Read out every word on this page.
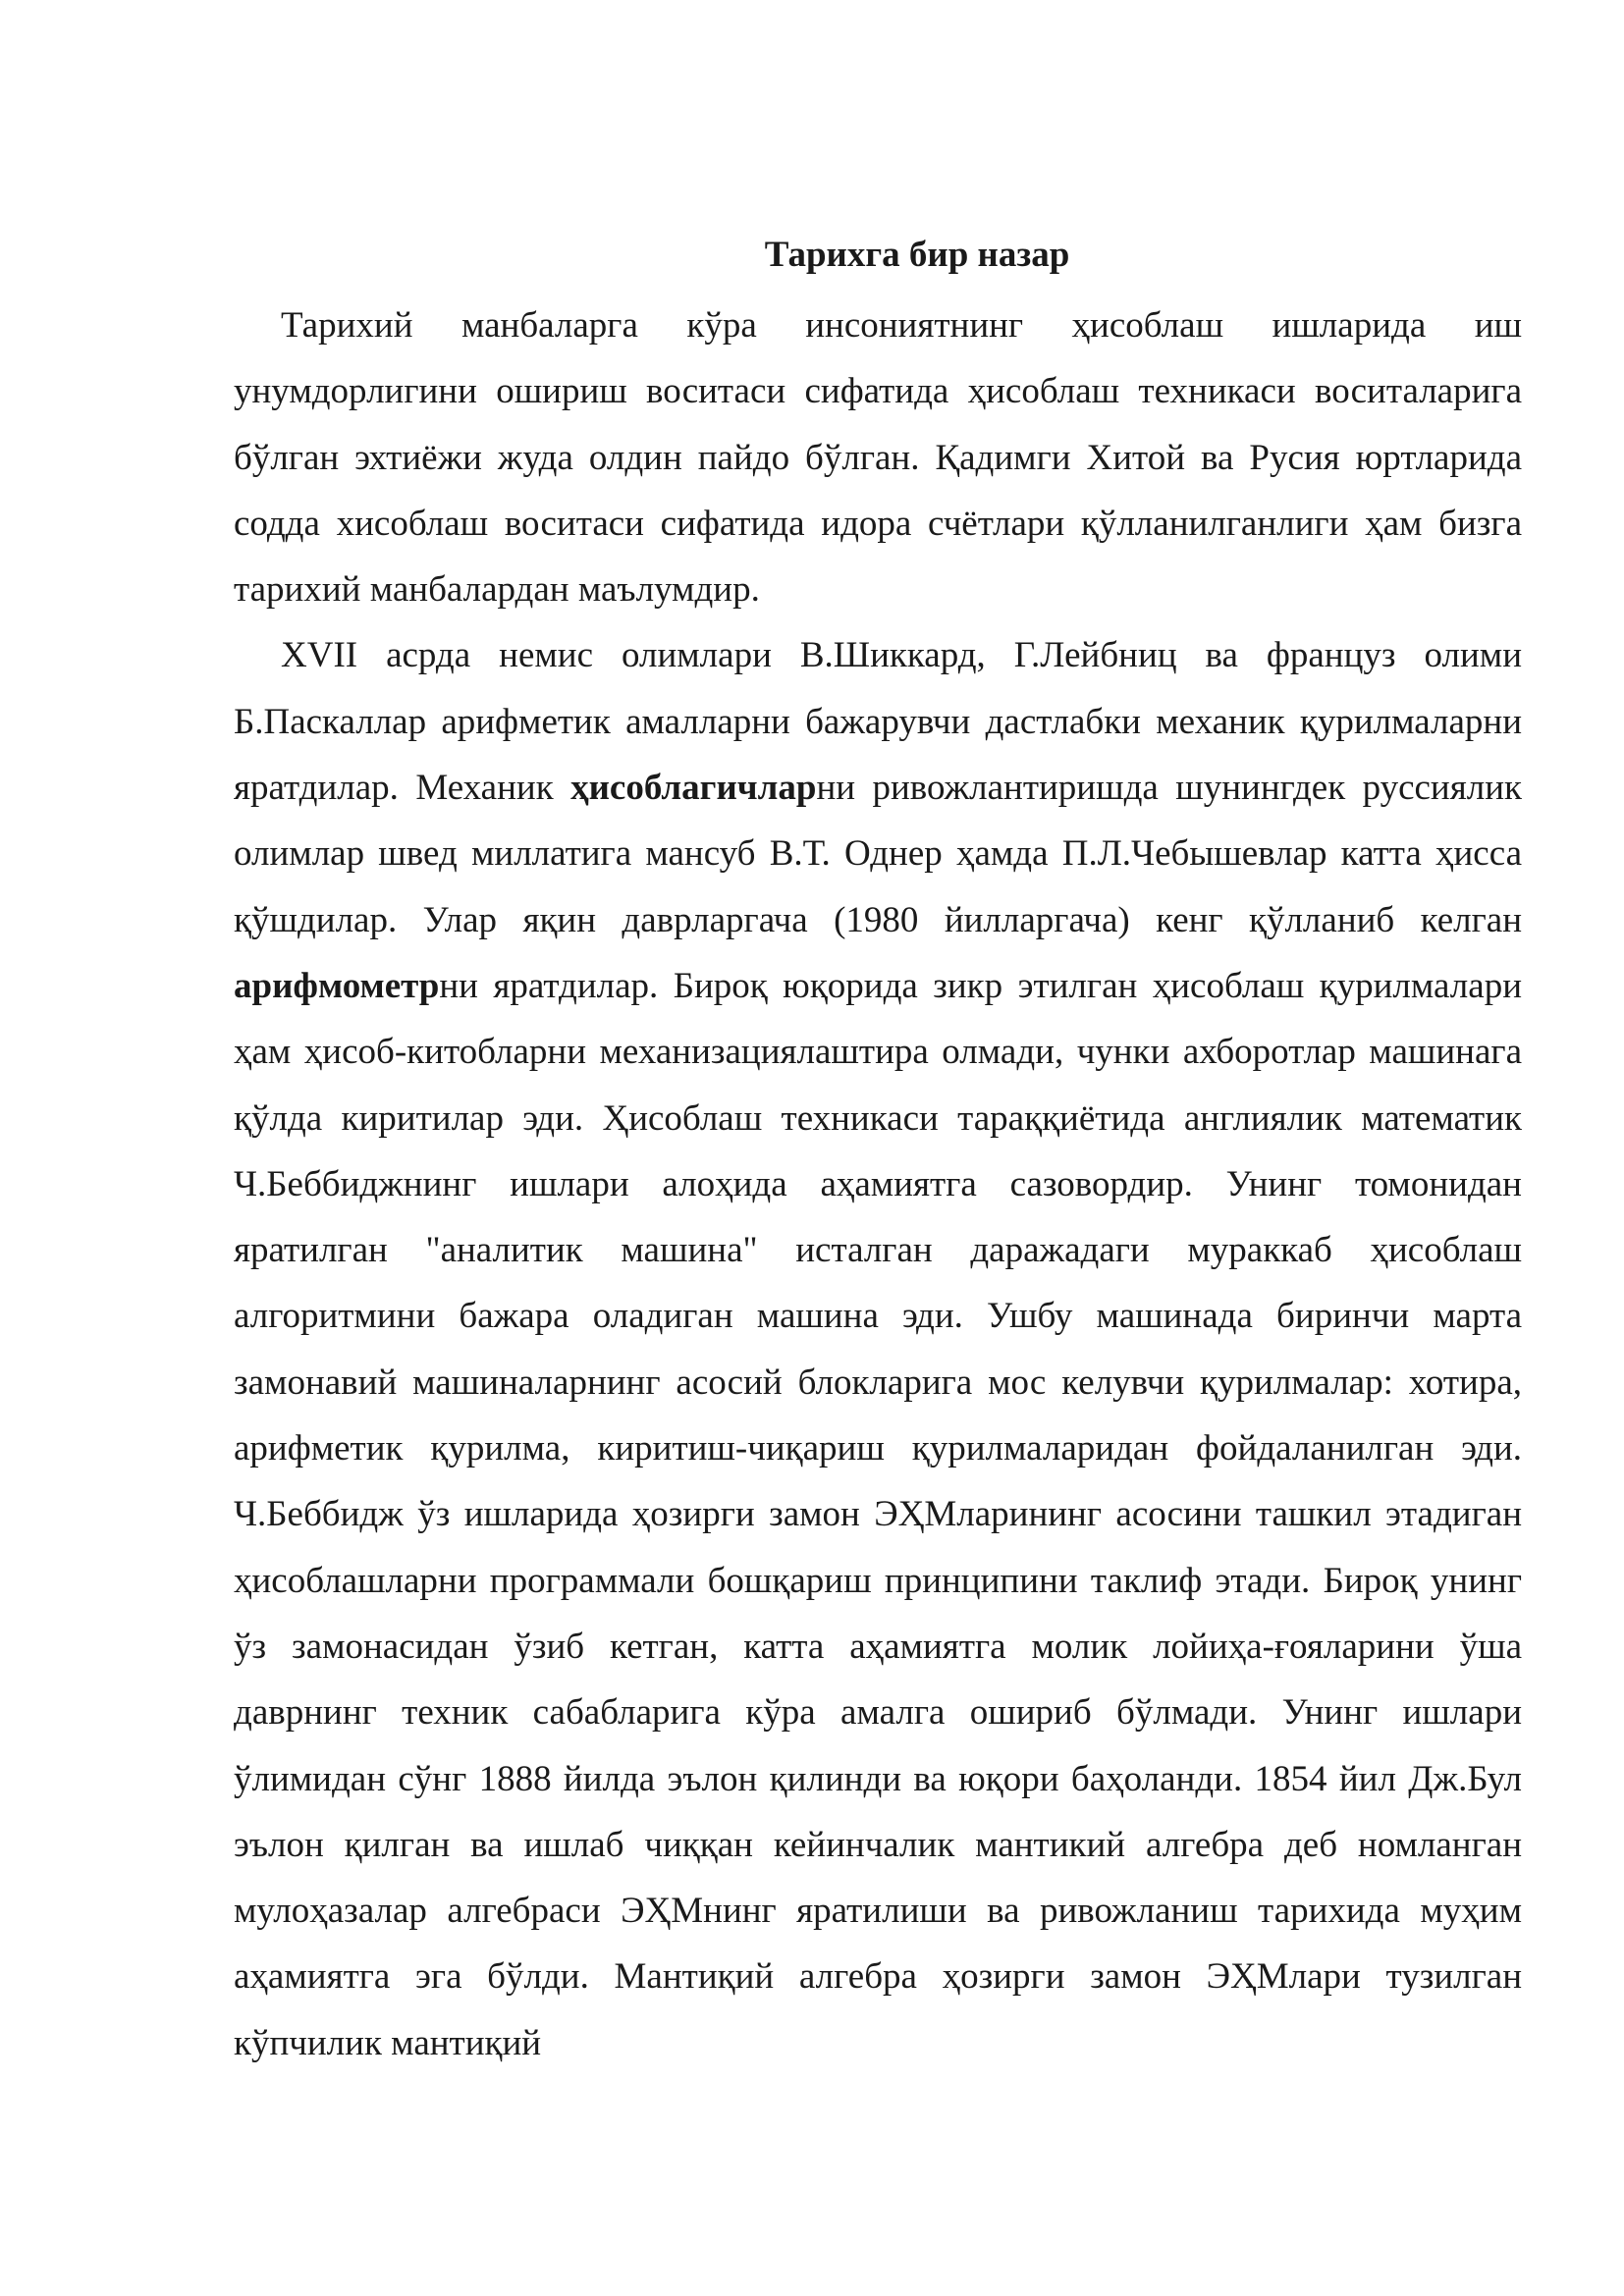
Тарихга бир назар

Тарихий манбаларга кўра инсониятнинг ҳисоблаш ишларида иш унумдорлигини ошириш воситаси сифатида ҳисоблаш техникаси воситаларига бўлган эхтиёжи жуда олдин пайдо бўлган. Қадимги Хитой ва Русия юртларида содда хисоблаш воситаси сифатида идора счётлари қўлланилганлиги ҳам бизга тарихий манбалардан маълумдир.

XVII асрда немис олимлари В.Шиккард, Г.Лейбниц ва француз олими Б.Паскаллар арифметик амалларни бажарувчи дастлабки механик қурилмаларни яратдилар. Механик ҳисоблагичларни ривожлантиришда шунингдек руссиялик олимлар швед миллатига мансуб В.Т. Однер ҳамда П.Л.Чебышевлар катта ҳисса қўшдилар. Улар яқин даврларгача (1980 йилларгача) кенг қўлланиб келган арифмометрни яратдилар. Бироқ юқорида зикр этилган ҳисоблаш қурилмалари ҳам ҳисоб-китобларни механизациялаштира олмади, чунки ахборотлар машинага қўлда киритилар эди. Ҳисоблаш техникаси тараққиётида англиялик математик Ч.Беббиджнинг ишлари алоҳида аҳамиятга сазовордир. Унинг томонидан яратилган "аналитик машина" исталган даражадаги мураккаб ҳисоблаш алгоритмини бажара оладиган машина эди. Ушбу машинада биринчи марта замонавий машиналарнинг асосий блокларига мос келувчи қурилмалар: хотира, арифметик қурилма, киритиш-чиқариш қурилмаларидан фойдаланилган эди. Ч.Беббидж ўз ишларида ҳозирги замон ЭҲМларининг асосини ташкил этадиган ҳисоблашларни программали бошқариш принципини таклиф этади. Бироқ унинг ўз замонасидан ўзиб кетган, катта аҳамиятга молик лойиҳа-ғояларини ўша даврнинг техник сабабларига кўра амалга ошириб бўлмади. Унинг ишлари ўлимидан сўнг 1888 йилда эълон қилинди ва юқори баҳоланди. 1854 йил Дж.Бул эълон қилган ва ишлаб чиққан кейинчалик мантикий алгебра деб номланган мулоҳазалар алгебраси ЭҲМнинг яратилиши ва ривожланиш тарихида муҳим аҳамиятга эга бўлди. Мантиқий алгебра ҳозирги замон ЭҲМлари тузилган кўпчилик мантиқий
